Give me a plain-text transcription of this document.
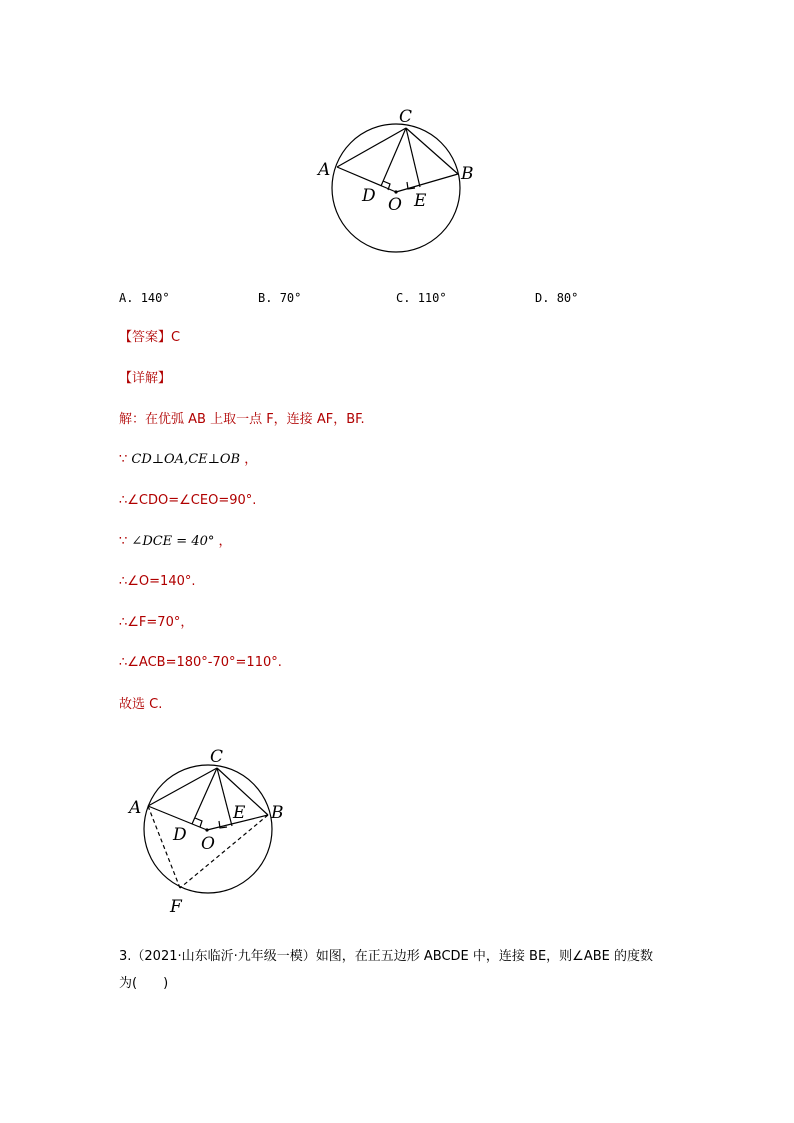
C
A	B
D O E
A. 140°	B. 70°	C. 110°	D. 80°
【答案】C
【详解】
解：在优弧 AB 上取一点 F，连接 AF，BF.
∵ CD⊥OA,CE⊥OB ，
∴∠CDO=∠CEO=90°.
∵ ∠DCE = 40° ，
∴∠O=140°.
∴∠F=70°，
∴∠ACB=180°-70°=110°.
故选 C.
C
A	B
D O
E
F
3.（2021·山东临沂·九年级一模）如图，在正五边形 ABCDE 中，连接 BE，则∠ABE 的度数
为(　　)
